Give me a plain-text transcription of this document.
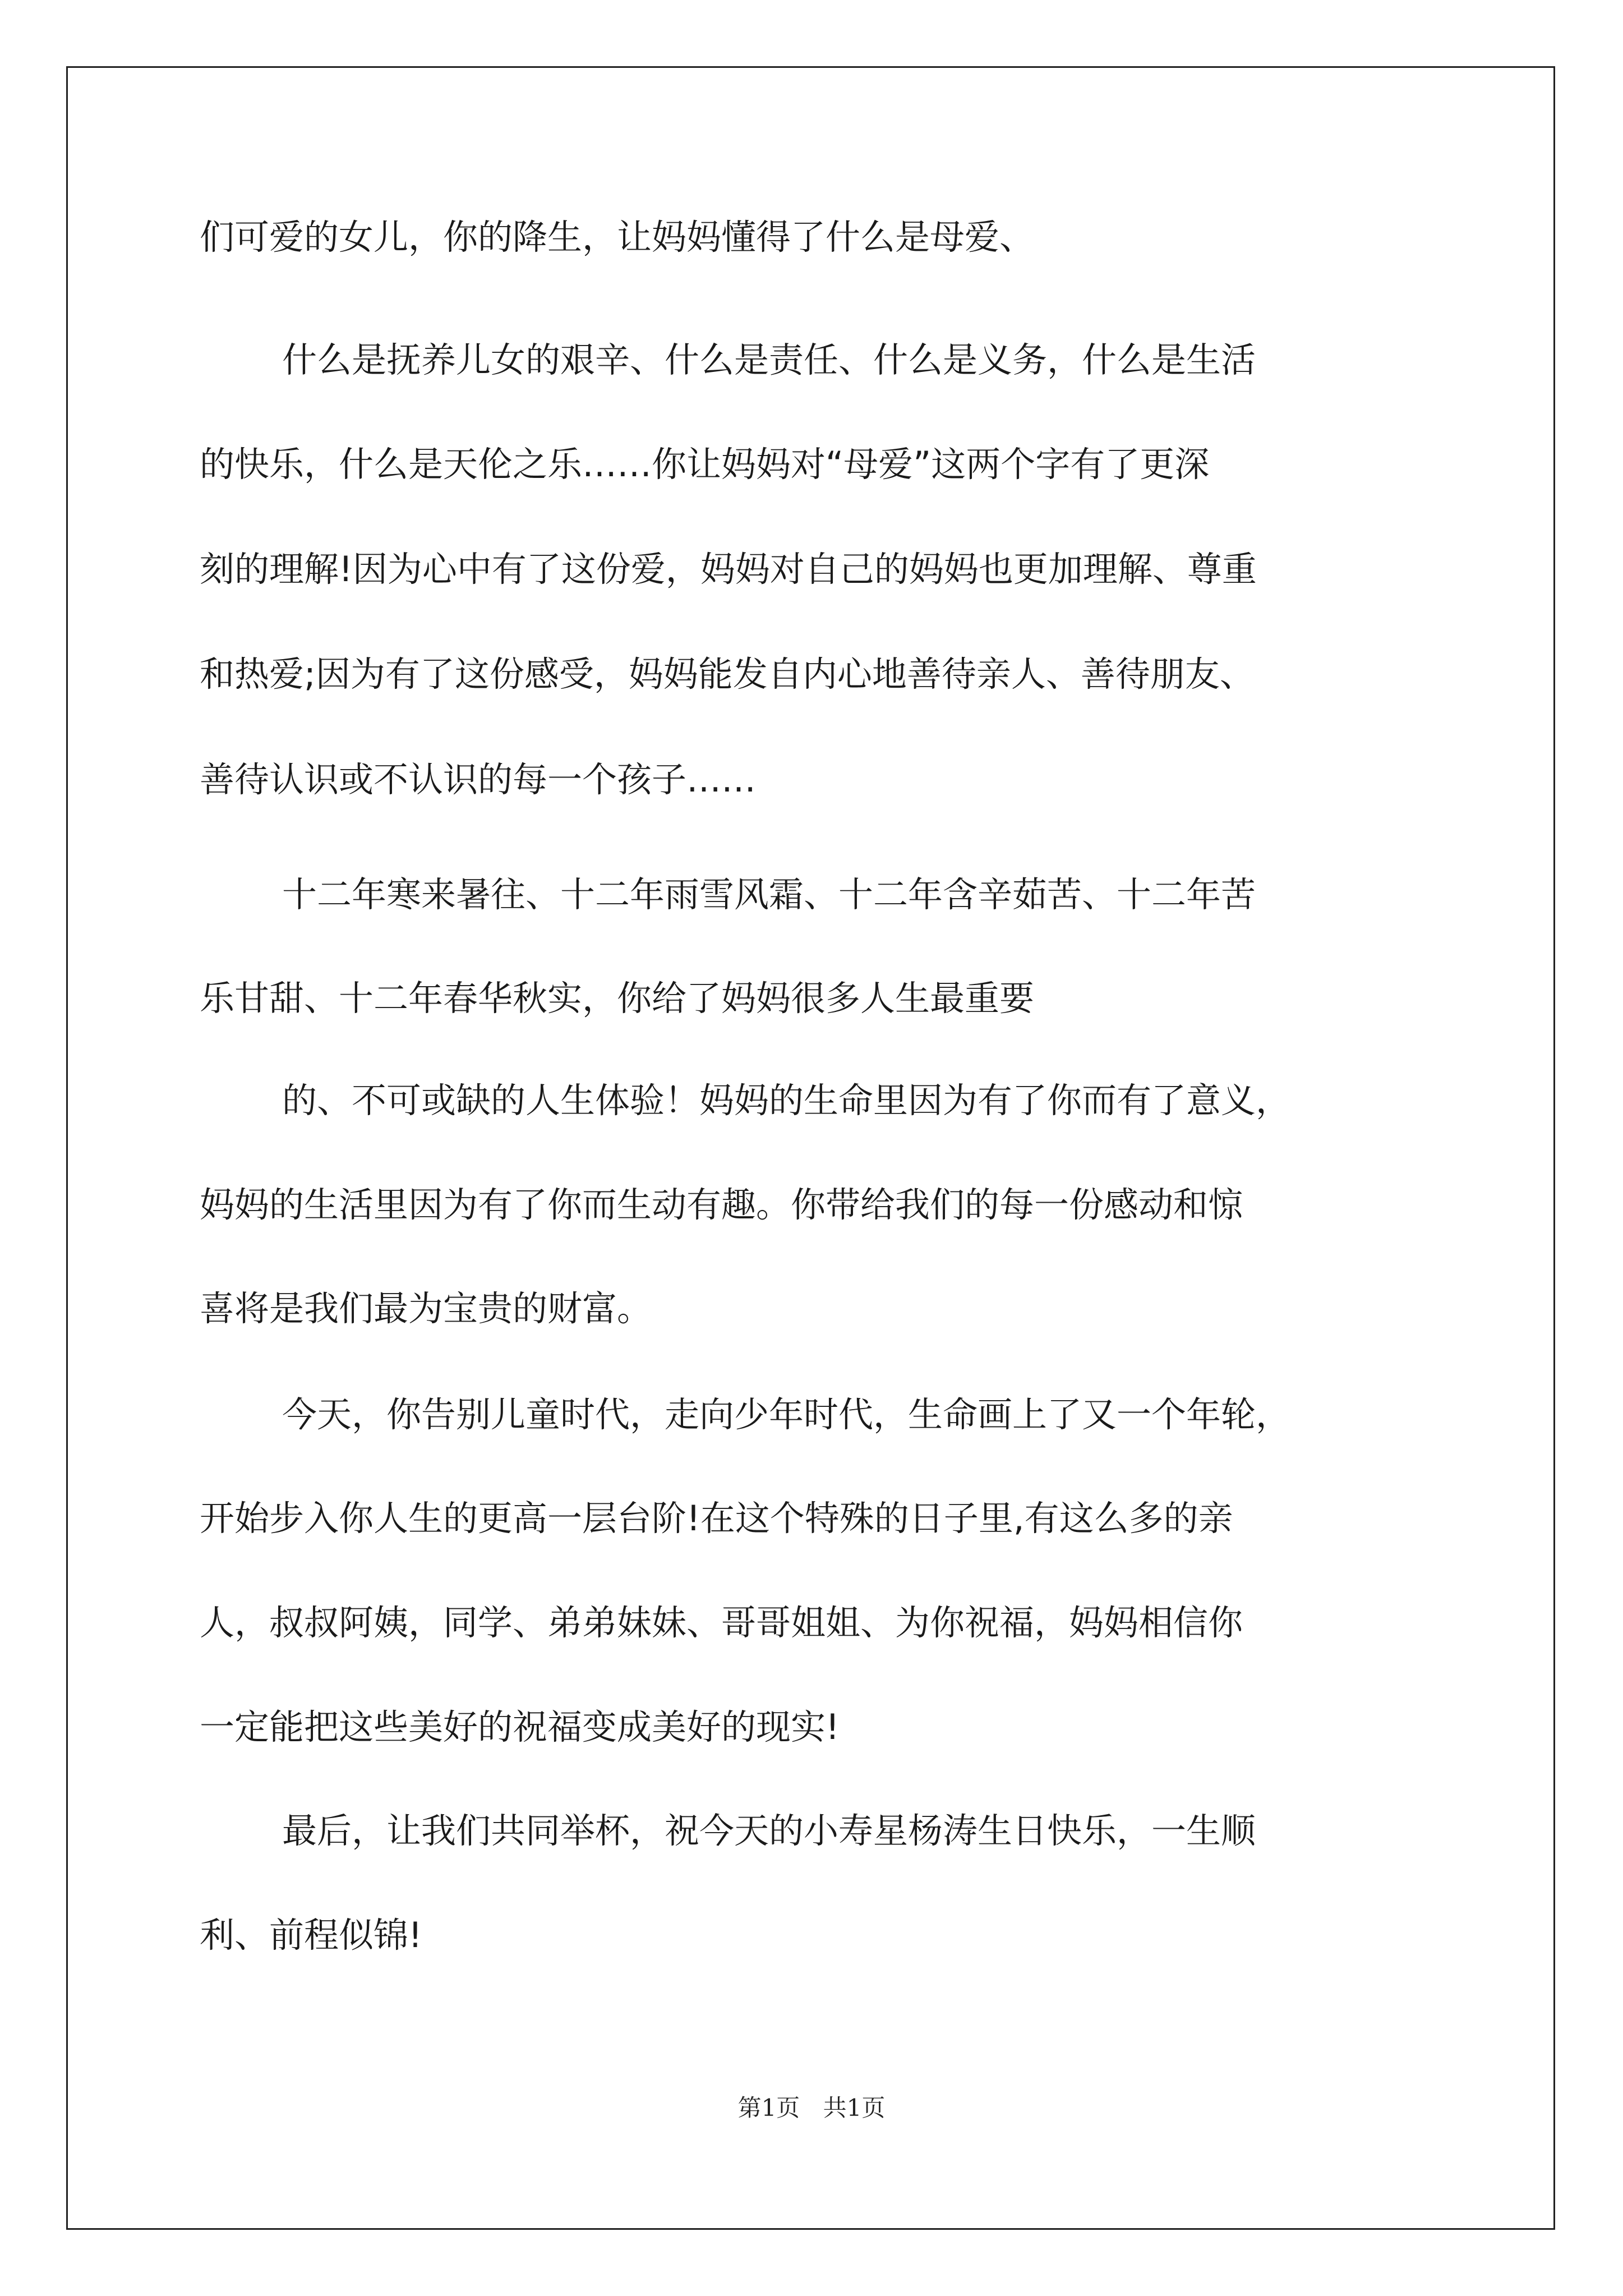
们可爱的女儿，你的降生，让妈妈懂得了什么是母爱、
什么是抚养儿女的艰辛、什么是责任、什么是义务，什么是生活
的快乐，什么是天伦之乐……你让妈妈对“母爱”这两个字有了更深
刻的理解!因为心中有了这份爱，妈妈对自己的妈妈也更加理解、尊重
和热爱;因为有了这份感受，妈妈能发自内心地善待亲人、善待朋友、
善待认识或不认识的每一个孩子……
十二年寒来暑往、十二年雨雪风霜、十二年含辛茹苦、十二年苦
乐甘甜、十二年春华秋实，你给了妈妈很多人生最重要
的、不可或缺的人生体验！妈妈的生命里因为有了你而有了意义，
妈妈的生活里因为有了你而生动有趣。你带给我们的每一份感动和惊
喜将是我们最为宝贵的财富。
今天，你告别儿童时代，走向少年时代，生命画上了又一个年轮，
开始步入你人生的更高一层台阶!在这个特殊的日子里,有这么多的亲
人，叔叔阿姨，同学、弟弟妹妹、哥哥姐姐、为你祝福，妈妈相信你
一定能把这些美好的祝福变成美好的现实!
最后，让我们共同举杯，祝今天的小寿星杨涛生日快乐，一生顺
利、前程似锦!
第1页 共1页
